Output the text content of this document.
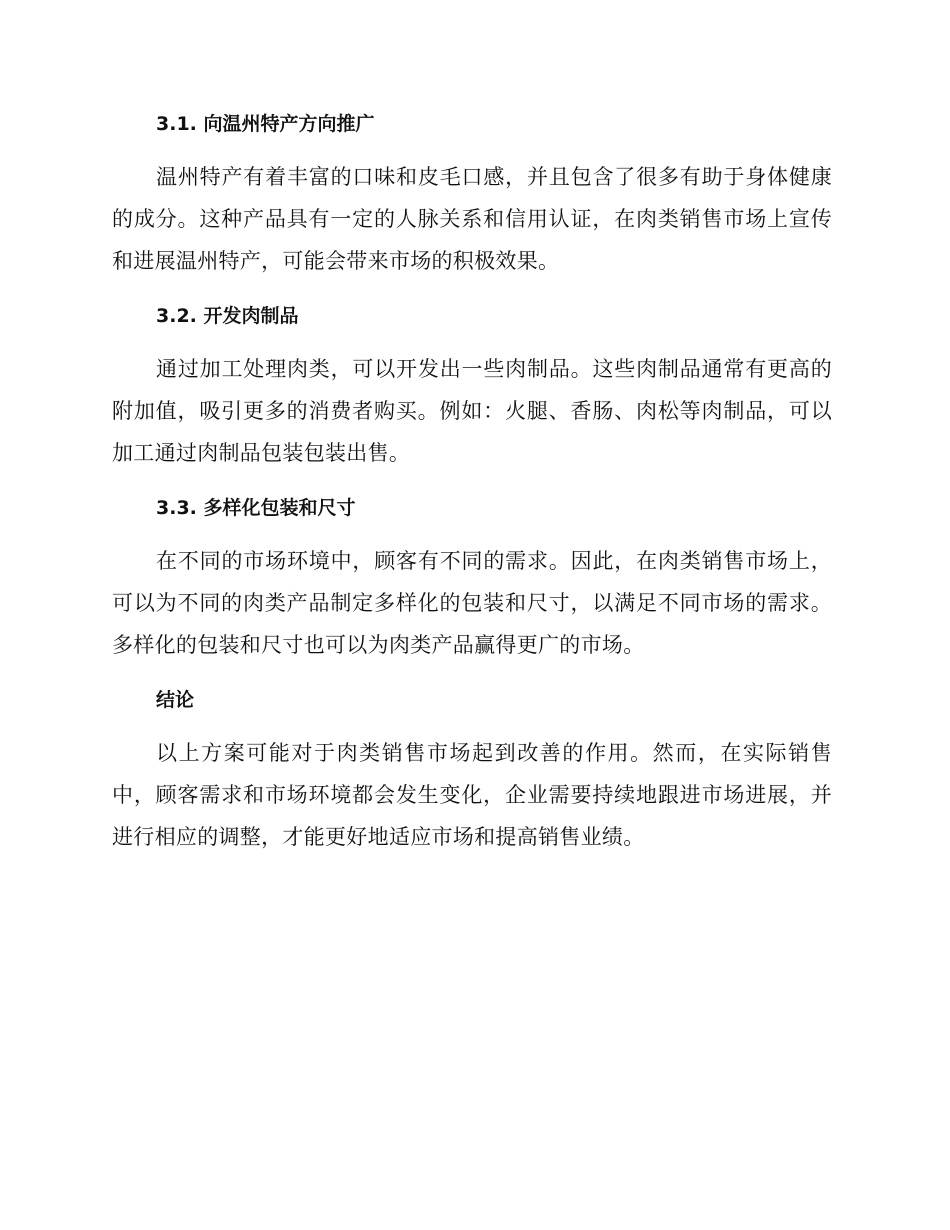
3.1. 向温州特产方向推广

温州特产有着丰富的口味和皮毛口感，并且包含了很多有助于身体健康的成分。这种产品具有一定的人脉关系和信用认证，在肉类销售市场上宣传和进展温州特产，可能会带来市场的积极效果。

3.2. 开发肉制品

通过加工处理肉类，可以开发出一些肉制品。这些肉制品通常有更高的附加值，吸引更多的消费者购买。例如：火腿、香肠、肉松等肉制品，可以加工通过肉制品包装包装出售。

3.3. 多样化包装和尺寸

在不同的市场环境中，顾客有不同的需求。因此，在肉类销售市场上，可以为不同的肉类产品制定多样化的包装和尺寸，以满足不同市场的需求。多样化的包装和尺寸也可以为肉类产品赢得更广的市场。

结论

以上方案可能对于肉类销售市场起到改善的作用。然而，在实际销售中，顾客需求和市场环境都会发生变化，企业需要持续地跟进市场进展，并进行相应的调整，才能更好地适应市场和提高销售业绩。
